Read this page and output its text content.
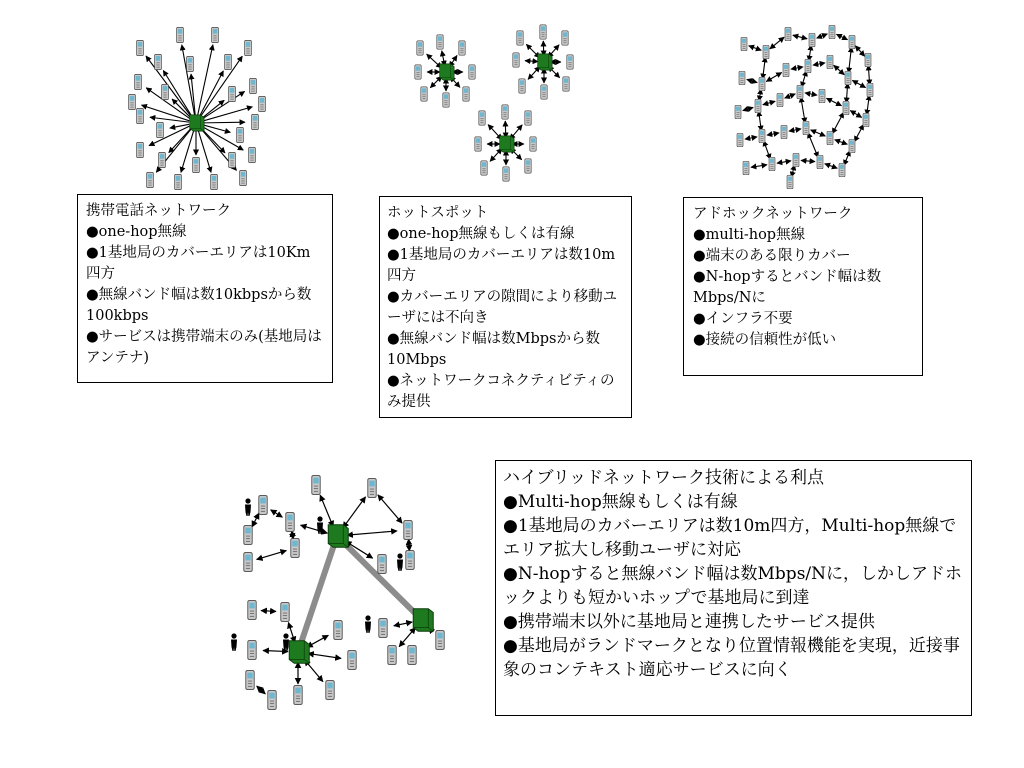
携帯電話ネットワーク
●one-hop無線
●1基地局のカバーエリアは10Km四方
●無線バンド幅は数10kbpsから数100kbps
●サービスは携帯端末のみ(基地局はアンテナ)
ホットスポット
●one-hop無線もしくは有線
●1基地局のカバーエリアは数10m四方
●カバーエリアの隙間により移動ユーザには不向き
●無線バンド幅は数Mbpsから数10Mbps
●ネットワークコネクティビティのみ提供
アドホックネットワーク
●multi-hop無線
●端末のある限りカバー
●N-hopするとバンド幅は数Mbps/Nに
●インフラ不要
●接続の信頼性が低い
ハイブリッドネットワーク技術による利点
●Multi-hop無線もしくは有線
●1基地局のカバーエリアは数10m四方，Multi-hop無線でエリア拡大し移動ユーザに対応
●N-hopすると無線バンド幅は数Mbps/Nに，しかしアドホックよりも短かいホップで基地局に到達
●携帯端末以外に基地局と連携したサービス提供
●基地局がランドマークとなり位置情報機能を実現，近接事象のコンテキスト適応サービスに向く
